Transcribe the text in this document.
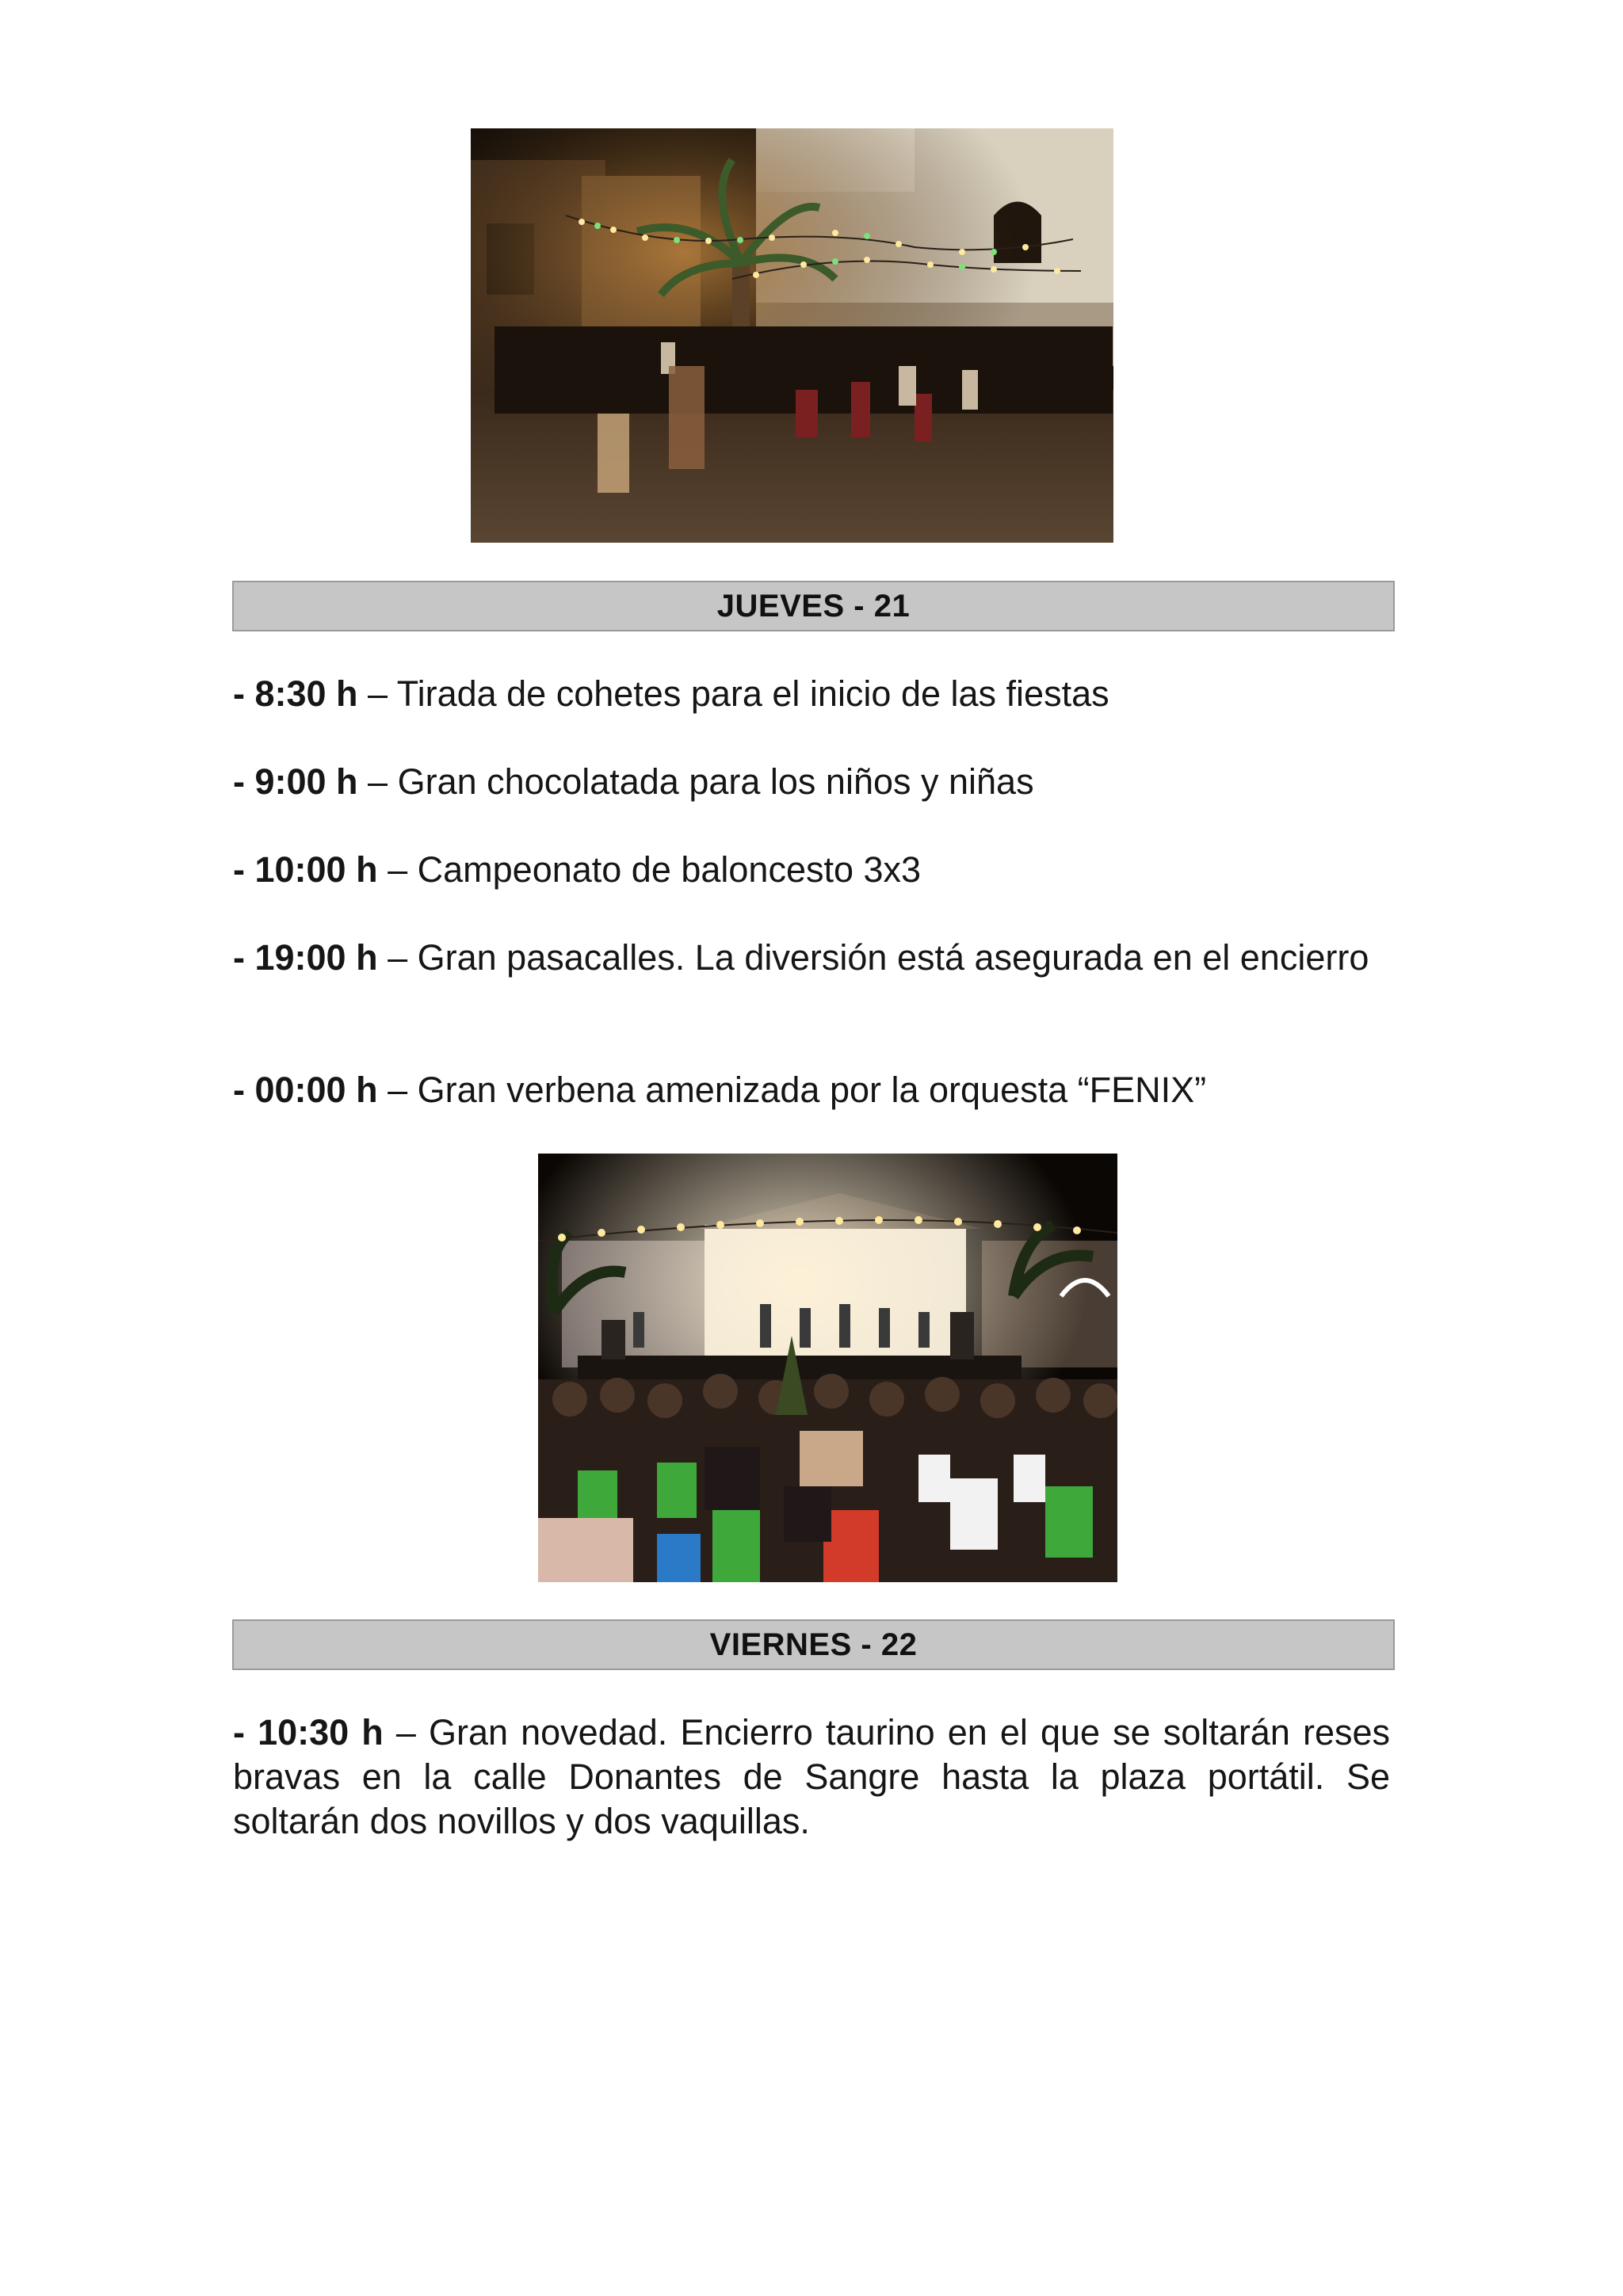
JUEVES - 21
- 8:30 h – Tirada de cohetes para el inicio de las fiestas
- 9:00 h – Gran chocolatada para los niños y niñas
- 10:00 h – Campeonato de baloncesto 3x3
- 19:00 h – Gran pasacalles. La diversión está asegurada en el encierro
- 00:00 h – Gran verbena amenizada por la orquesta “FENIX”
VIERNES - 22
- 10:30 h – Gran novedad. Encierro taurino en el que se soltarán reses bravas en la calle Donantes de Sangre hasta la plaza portátil. Se soltarán dos novillos y dos vaquillas.
